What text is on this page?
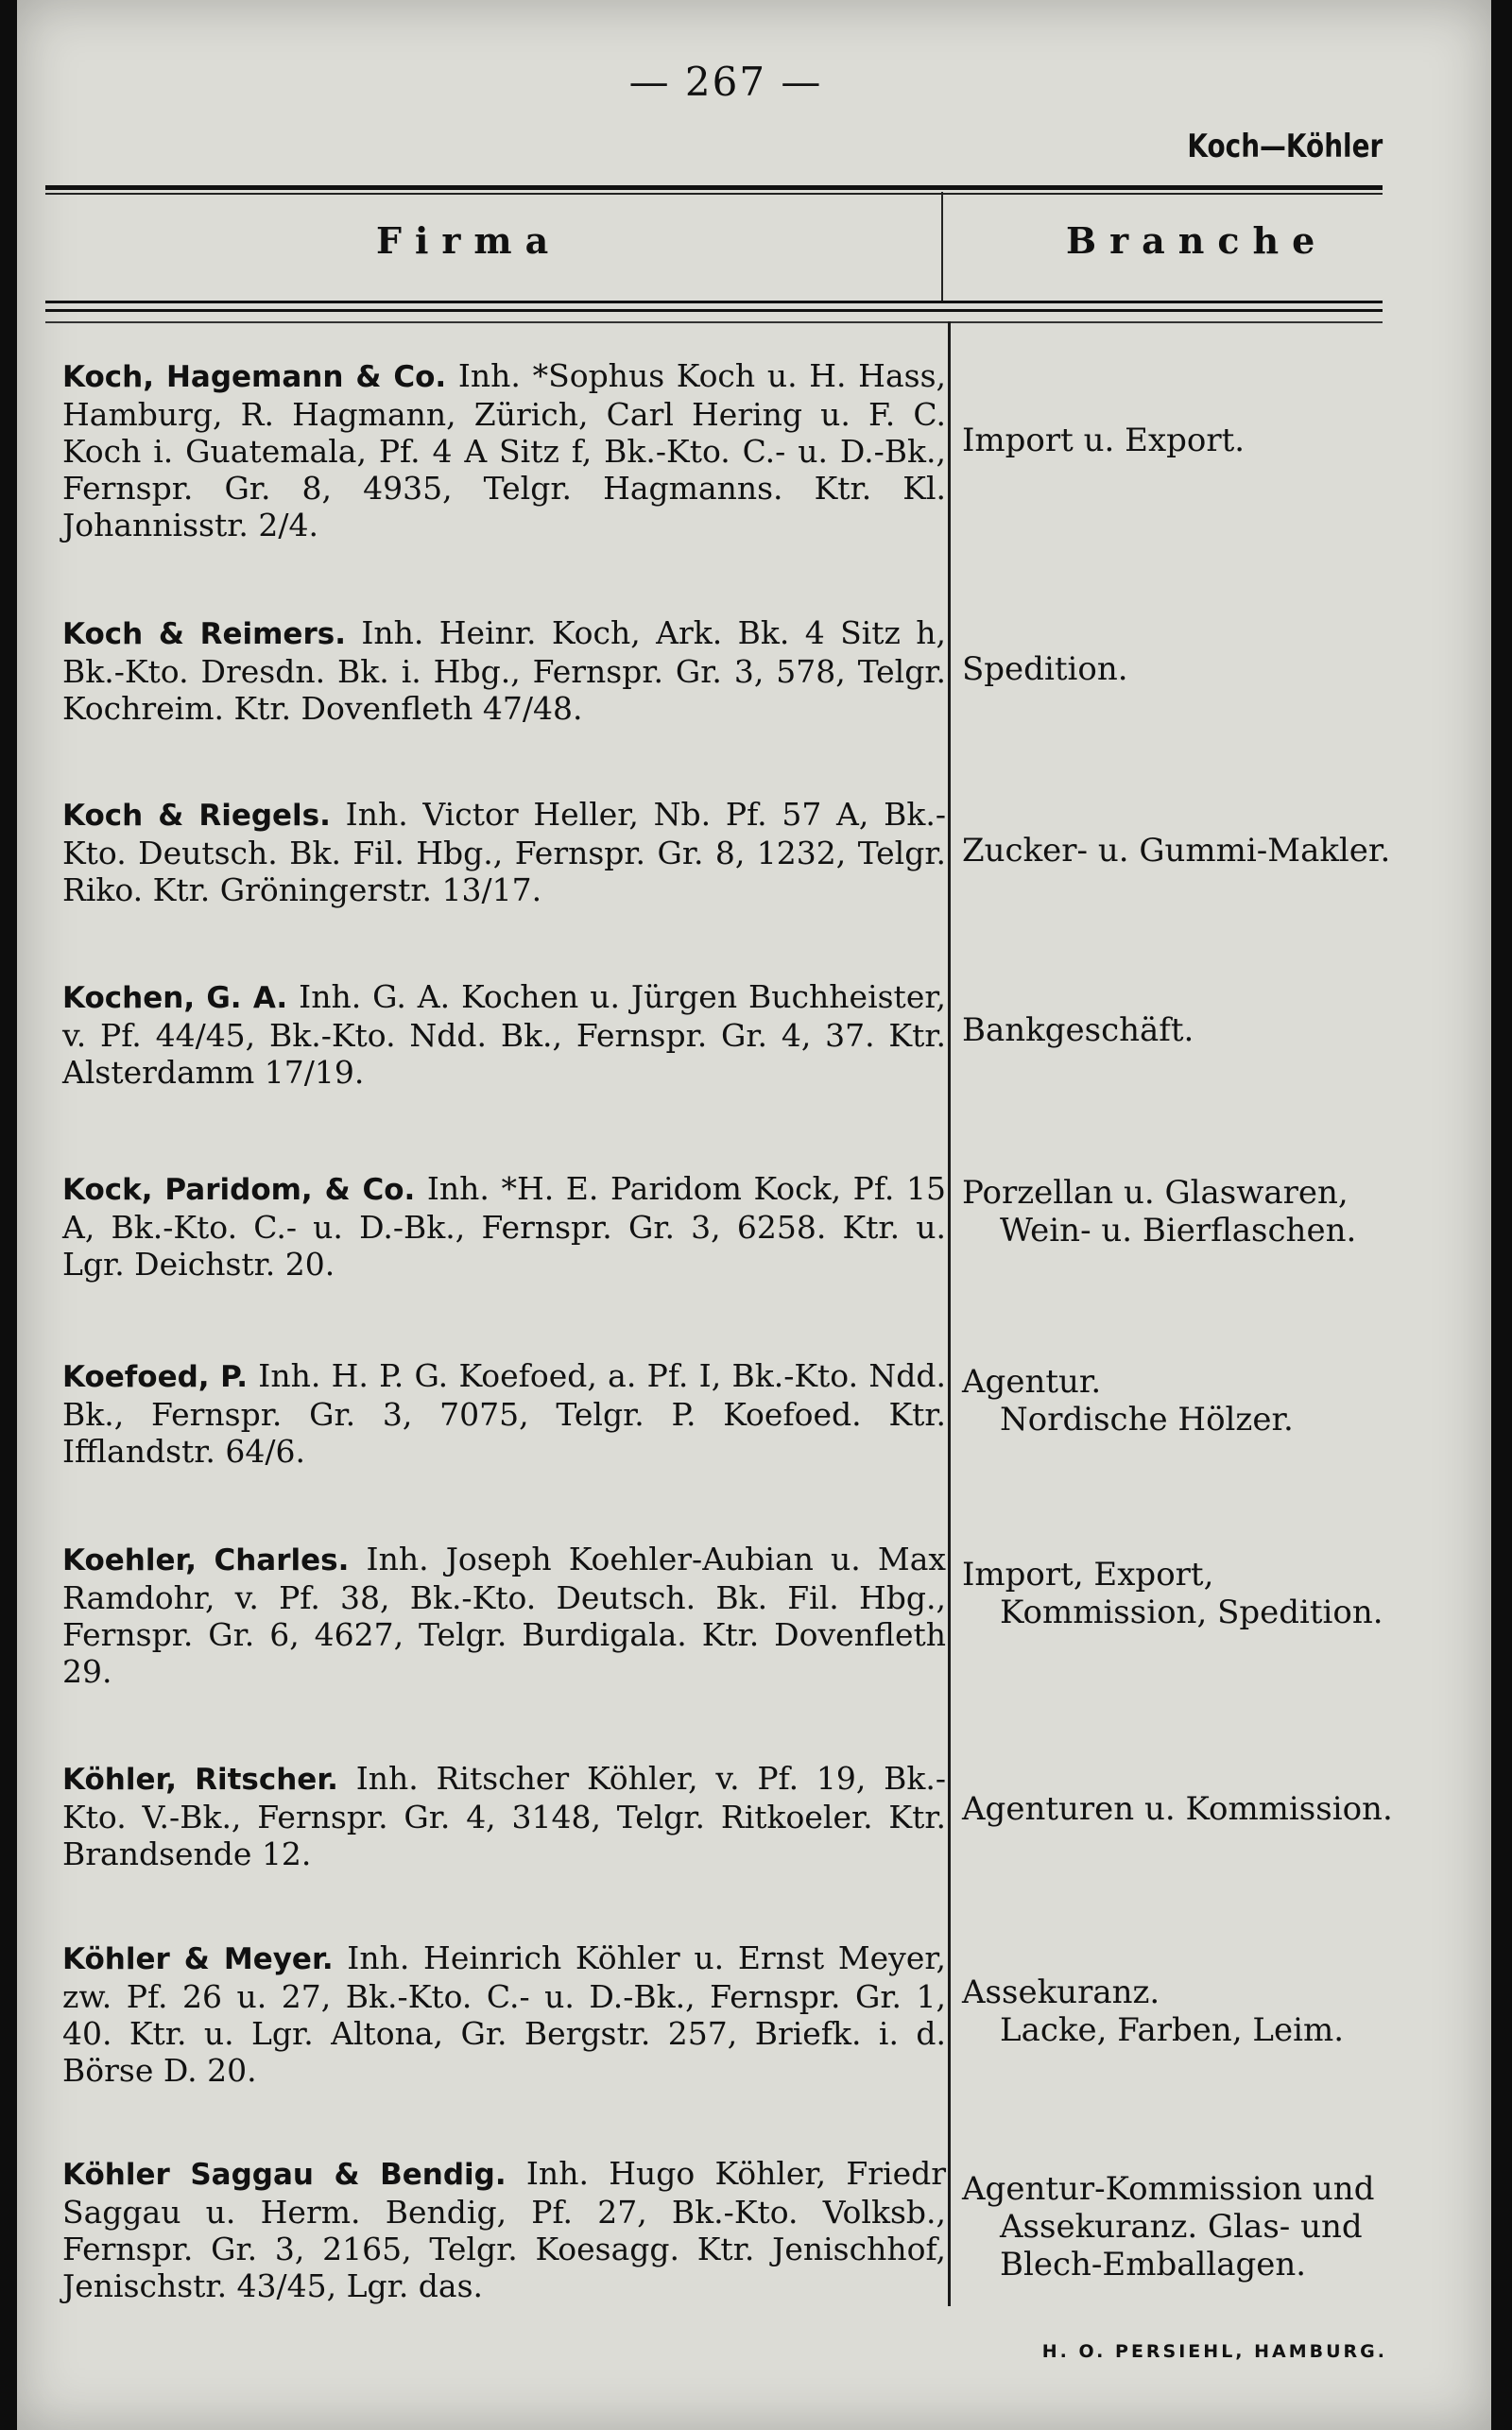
— 267 —
Koch—Köhler
Firma	Branche
Koch, Hagemann & Co. Inh. *Sophus Koch u. H. Hass, Hamburg, R. Hagmann, Zürich, Carl Hering u. F. C. Koch i. Guatemala, Pf. 4 A Sitz f, Bk.-Kto. C.- u. D.-Bk., Fernspr. Gr. 8, 4935, Telgr. Hagmanns. Ktr. Kl. Johannisstr. 2/4.
Import u. Export.
Koch & Reimers. Inh. Heinr. Koch, Ark. Bk. 4 Sitz h, Bk.-Kto. Dresdn. Bk. i. Hbg., Fernspr. Gr. 3, 578, Telgr. Kochreim. Ktr. Dovenfleth 47/48.
Spedition.
Koch & Riegels. Inh. Victor Heller, Nb. Pf. 57 A, Bk.-Kto. Deutsch. Bk. Fil. Hbg., Fernspr. Gr. 8, 1232, Telgr. Riko. Ktr. Gröningerstr. 13/17.
Zucker- u. Gummi-Makler.
Kochen, G. A. Inh. G. A. Kochen u. Jürgen Buchheister, v. Pf. 44/45, Bk.-Kto. Ndd. Bk., Fernspr. Gr. 4, 37. Ktr. Alsterdamm 17/19.
Bankgeschäft.
Kock, Paridom, & Co. Inh. *H. E. Paridom Kock, Pf. 15 A, Bk.-Kto. C.- u. D.-Bk., Fernspr. Gr. 3, 6258. Ktr. u. Lgr. Deichstr. 20.
Porzellan u. Glaswaren,
Wein- u. Bierflaschen.
Koefoed, P. Inh. H. P. G. Koefoed, a. Pf. I, Bk.-Kto. Ndd. Bk., Fernspr. Gr. 3, 7075, Telgr. P. Koefoed. Ktr. Ifflandstr. 64/6.
Agentur.
Nordische Hölzer.
Koehler, Charles. Inh. Joseph Koehler-Aubian u. Max Ramdohr, v. Pf. 38, Bk.-Kto. Deutsch. Bk. Fil. Hbg., Fernspr. Gr. 6, 4627, Telgr. Burdigala. Ktr. Dovenfleth 29.
Import, Export,
Kommission, Spedition.
Köhler, Ritscher. Inh. Ritscher Köhler, v. Pf. 19, Bk.-Kto. V.-Bk., Fernspr. Gr. 4, 3148, Telgr. Ritkoeler. Ktr. Brandsende 12.
Agenturen u. Kommission.
Köhler & Meyer. Inh. Heinrich Köhler u. Ernst Meyer, zw. Pf. 26 u. 27, Bk.-Kto. C.- u. D.-Bk., Fernspr. Gr. 1, 40. Ktr. u. Lgr. Altona, Gr. Bergstr. 257, Briefk. i. d. Börse D. 20.
Assekuranz.
Lacke, Farben, Leim.
Köhler Saggau & Bendig. Inh. Hugo Köhler, Friedr Saggau u. Herm. Bendig, Pf. 27, Bk.-Kto. Volksb., Fernspr. Gr. 3, 2165, Telgr. Koesagg. Ktr. Jenischhof, Jenischstr. 43/45, Lgr. das.
Agentur-Kommission und
Assekuranz. Glas- und
Blech-Emballagen.
H. O. PERSIEHL, HAMBURG.
